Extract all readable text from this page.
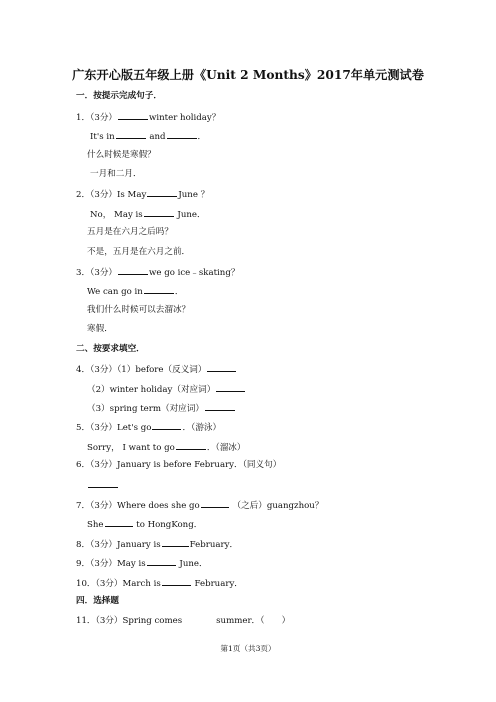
广东开心版五年级上册《Unit 2 Months》2017年单元测试卷
一．按提示完成句子．
1．（3分）	winter holiday？
It's in	and	．
什么时候是寒假？
一月和二月．
2．（3分）Is May	June ？
No， May is	June．
五月是在六月之后吗？
不是，五月是在六月之前．
3．（3分）	we go ice﹣skating？
We can go in	．
我们什么时候可以去溜冰？
寒假．
二、按要求填空．
4．（3分）（1）before（反义词）
（2）winter holiday（对应词）
（3）spring term（对应词）
5．（3分）Let's go	．（游泳）
Sorry， I want to go	．（溜冰）
6．（3分）January is before February．（同义句）
7．（3分）Where does she go	（之后）guangzhou？
She	to HongKong．
8．（3分）January is	February．
9．（3分）May is	June．
10．（3分）March is	February．
四．选择题
11．（3分）Spring comes	summer．（　　）
第1页（共3页）
